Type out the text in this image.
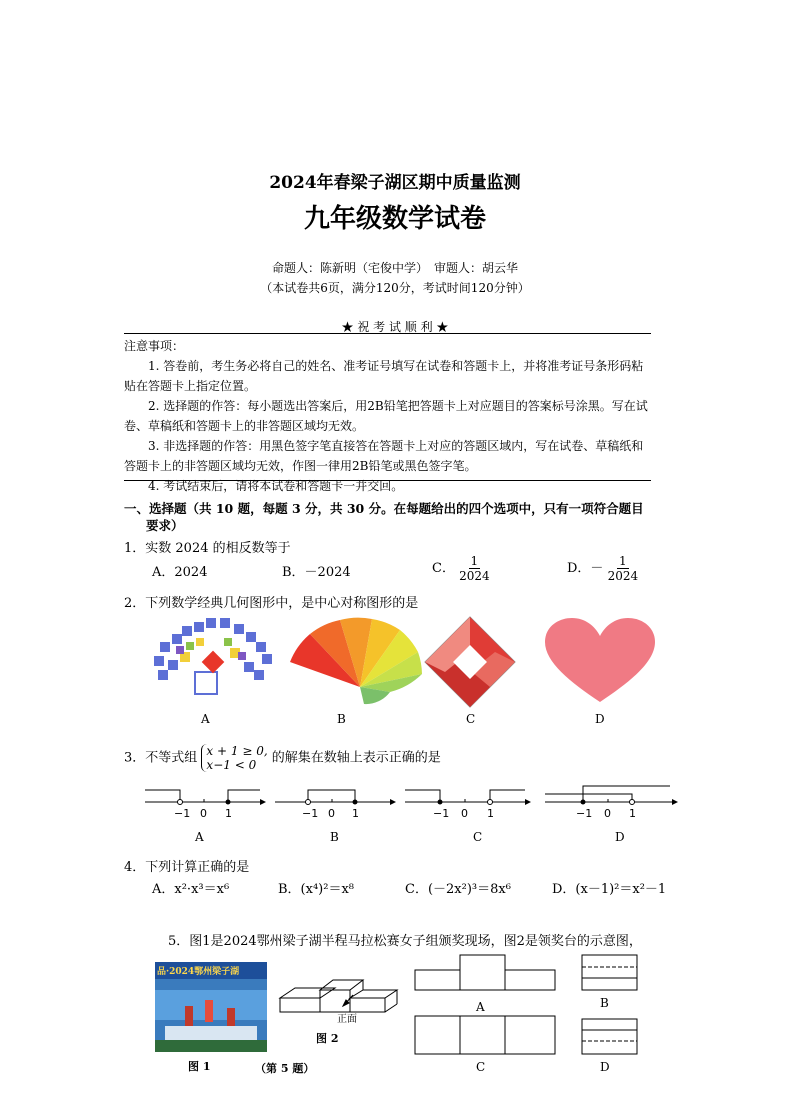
2024年春梁子湖区期中质量监测
九年级数学试卷
命题人：陈新明（宅俊中学）　审题人：胡云华
（本试卷共6页，满分120分，考试时间120分钟）
★ 祝 考 试 顺 利 ★
注意事项：
1. 答卷前，考生务必将自己的姓名、准考证号填写在试卷和答题卡上，并将准考证号条形码粘贴在答题卡上指定位置。
2. 选择题的作答：每小题选出答案后，用2B铅笔把答题卡上对应题目的答案标号涂黑。写在试卷、草稿纸和答题卡上的非答题区域均无效。
3. 非选择题的作答：用黑色签字笔直接答在答题卡上对应的答题区域内，写在试卷、草稿纸和答题卡上的非答题区域均无效，作图一律用2B铅笔或黑色签字笔。
4. 考试结束后，请将本试卷和答题卡一并交回。
一、选择题（共 10 题，每题 3 分，共 30 分。在每题给出的四个选项中，只有一项符合题目
要求）
1．实数 2024 的相反数等于
A．2024	B．－2024	C． $\frac{1}{2024}$	D．－ $\frac{1}{2024}$
2．下列数学经典几何图形中，是中心对称图形的是
A	B	C	D
3．不等式组 x + 1 ≥ 0,
x−1 < 0	的解集在数轴上表示正确的是
−1 0 1	−1 0 1	−1 0 1	−1 0 1
A	B	C	D
4．下列计算正确的是
A．x²·x³＝x⁶	B．(x⁴)²＝x⁸	C．(－2x²)³＝8x⁶	D．(x－1)²＝x²－1
5．图1是2024鄂州梁子湖半程马拉松赛女子组颁奖现场，图2是领奖台的示意图，
品·2024鄂州梁子湖
图 1
正面
图 2
（第 5 题）
A	B
C	D
